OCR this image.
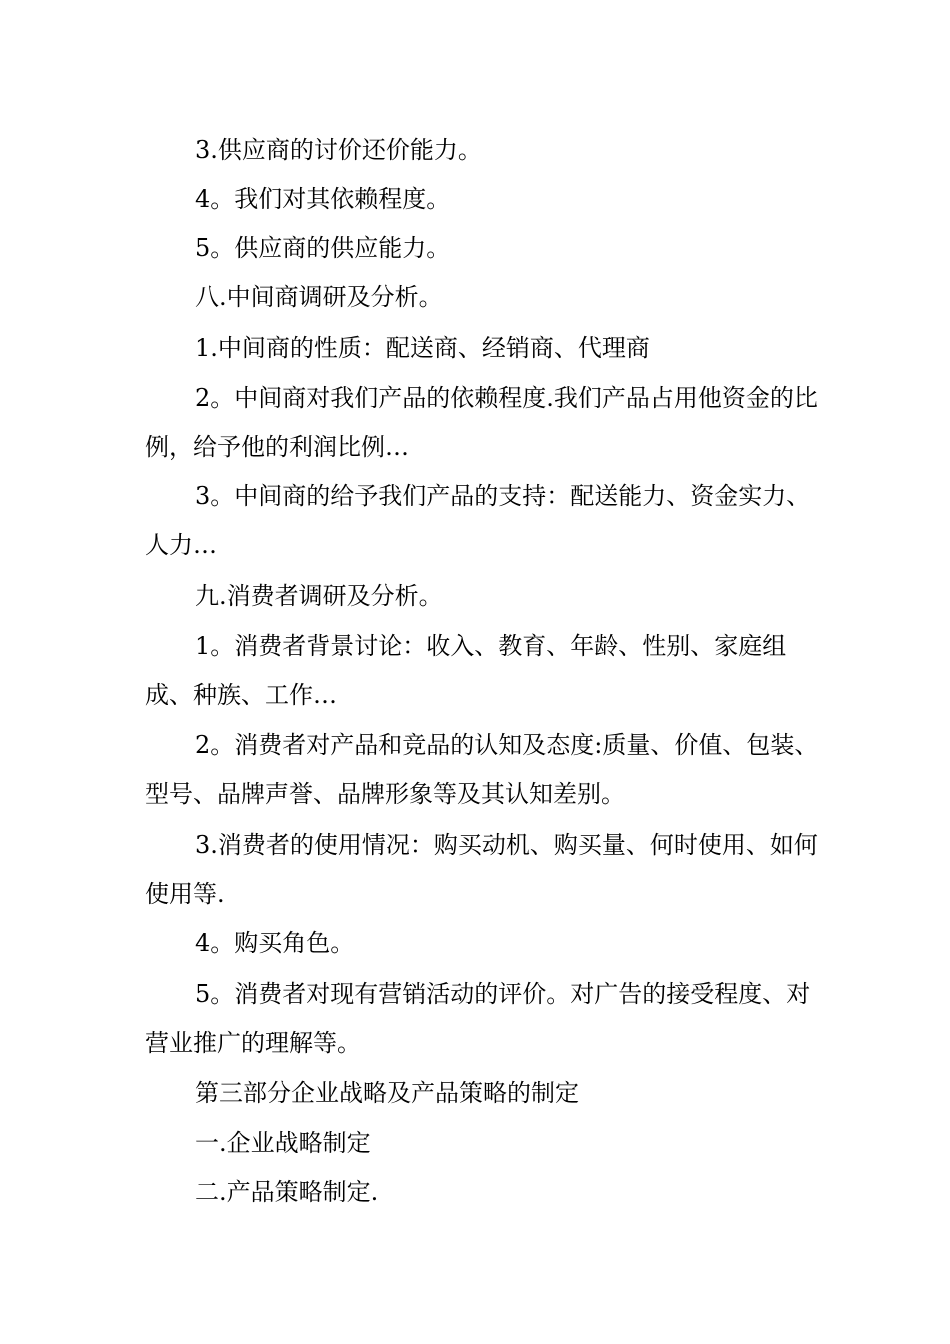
3.供应商的讨价还价能力。

4。我们对其依赖程度。

5。供应商的供应能力。

八.中间商调研及分析。

1.中间商的性质：配送商、经销商、代理商

2。中间商对我们产品的依赖程度.我们产品占用他资金的比例，给予他的利润比例…

3。中间商的给予我们产品的支持：配送能力、资金实力、人力…

九.消费者调研及分析。

1。消费者背景讨论：收入、教育、年龄、性别、家庭组成、种族、工作…

2。消费者对产品和竞品的认知及态度:质量、价值、包装、型号、品牌声誉、品牌形象等及其认知差别。

3.消费者的使用情况：购买动机、购买量、何时使用、如何使用等.

4。购买角色。

5。消费者对现有营销活动的评价。对广告的接受程度、对营业推广的理解等。

第三部分企业战略及产品策略的制定

一.企业战略制定

二.产品策略制定.
